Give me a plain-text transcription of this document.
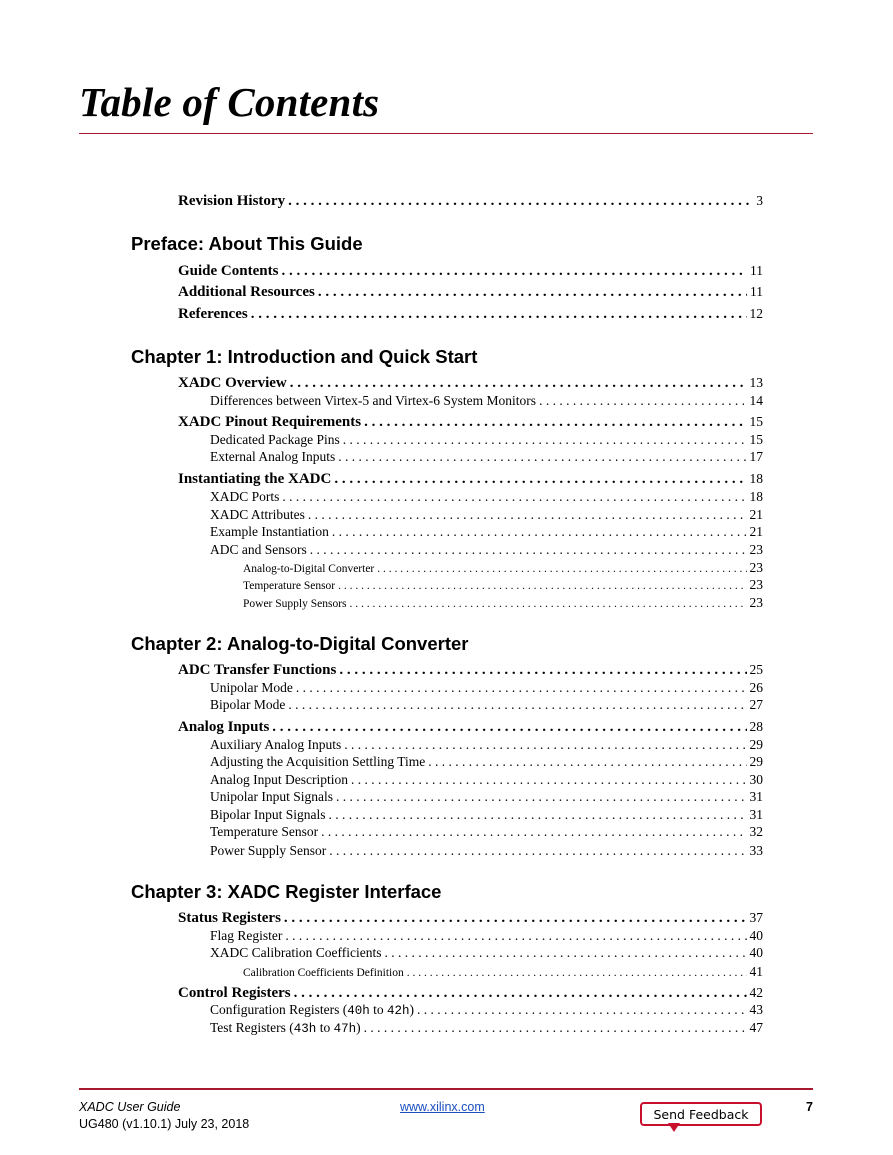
Table of Contents
Revision History . . .	3
Preface: About This Guide
Guide Contents . . .	11
Additional Resources . . .	11
References . . .	12
Chapter 1: Introduction and Quick Start
XADC Overview . . .	13
Differences between Virtex-5 and Virtex-6 System Monitors . . .	14
XADC Pinout Requirements . . .	15
Dedicated Package Pins . . .	15
External Analog Inputs . . .	17
Instantiating the XADC . . .	18
XADC Ports . . .	18
XADC Attributes . . .	21
Example Instantiation . . .	21
ADC and Sensors . . .	23
Analog-to-Digital Converter . . .	23
Temperature Sensor . . .	23
Power Supply Sensors . . .	23
Chapter 2: Analog-to-Digital Converter
ADC Transfer Functions . . .	25
Unipolar Mode . . .	26
Bipolar Mode . . .	27
Analog Inputs . . .	28
Auxiliary Analog Inputs . . .	29
Adjusting the Acquisition Settling Time . . .	29
Analog Input Description . . .	30
Unipolar Input Signals . . .	31
Bipolar Input Signals . . .	31
Temperature Sensor . . .	32
Power Supply Sensor . . .	33
Chapter 3: XADC Register Interface
Status Registers . . .	37
Flag Register . . .	40
XADC Calibration Coefficients . . .	40
Calibration Coefficients Definition . . .	41
Control Registers . . .	42
Configuration Registers (40h to 42h) . . .	43
Test Registers (43h to 47h) . . .	47
XADC User Guide
UG480 (v1.10.1) July 23, 2018
www.xilinx.com	7
Send Feedback
